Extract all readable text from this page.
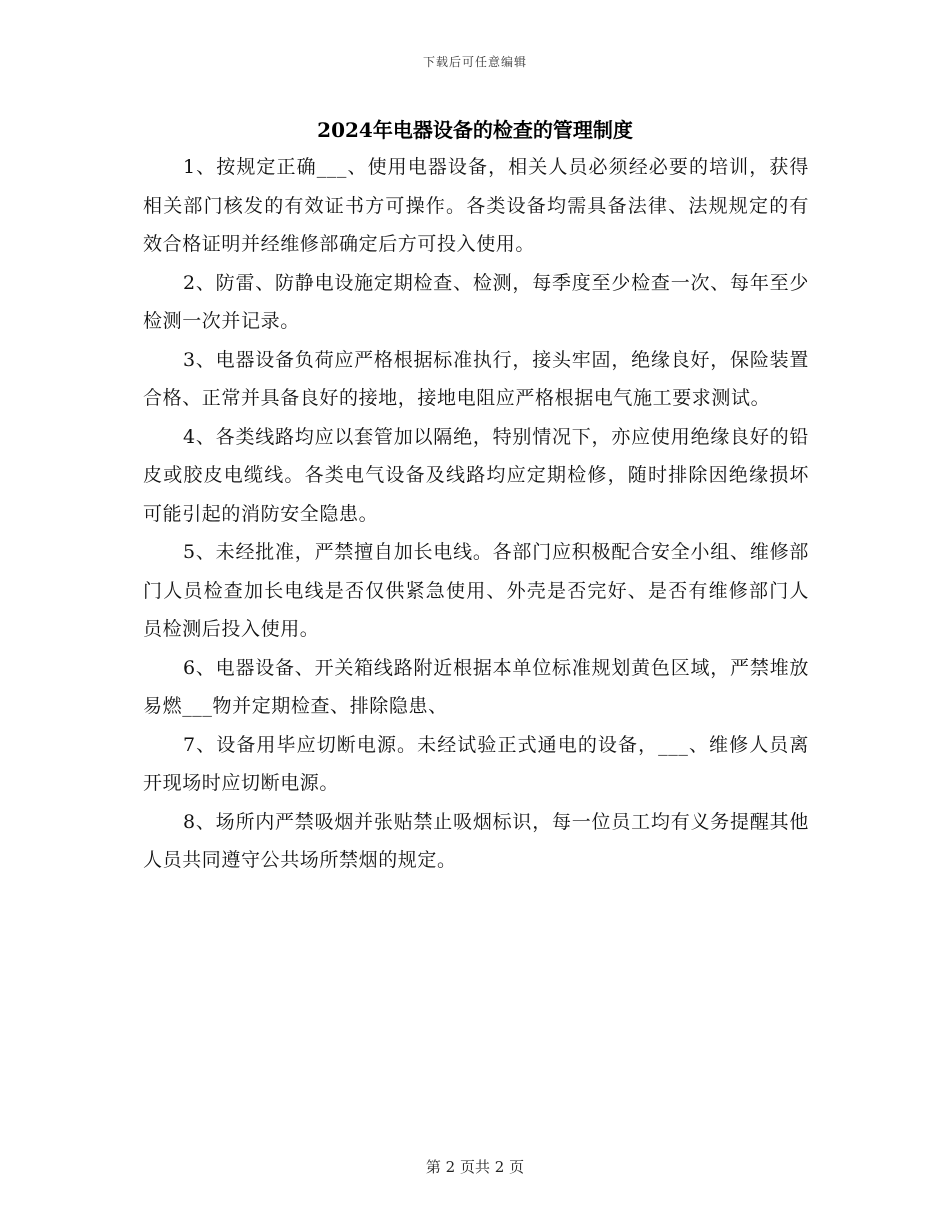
下载后可任意编辑
2024年电器设备的检查的管理制度

1、按规定正确___、使用电器设备，相关人员必须经必要的培训，获得相关部门核发的有效证书方可操作。各类设备均需具备法律、法规规定的有效合格证明并经维修部确定后方可投入使用。

2、防雷、防静电设施定期检查、检测，每季度至少检查一次、每年至少检测一次并记录。

3、电器设备负荷应严格根据标准执行，接头牢固，绝缘良好，保险装置合格、正常并具备良好的接地，接地电阻应严格根据电气施工要求测试。

4、各类线路均应以套管加以隔绝，特别情况下，亦应使用绝缘良好的铅皮或胶皮电缆线。各类电气设备及线路均应定期检修，随时排除因绝缘损坏可能引起的消防安全隐患。

5、未经批准，严禁擅自加长电线。各部门应积极配合安全小组、维修部门人员检查加长电线是否仅供紧急使用、外壳是否完好、是否有维修部门人员检测后投入使用。

6、电器设备、开关箱线路附近根据本单位标准规划黄色区域，严禁堆放易燃___物并定期检查、排除隐患、

7、设备用毕应切断电源。未经试验正式通电的设备，___、维修人员离开现场时应切断电源。

8、场所内严禁吸烟并张贴禁止吸烟标识，每一位员工均有义务提醒其他人员共同遵守公共场所禁烟的规定。

第 2 页共 2 页
